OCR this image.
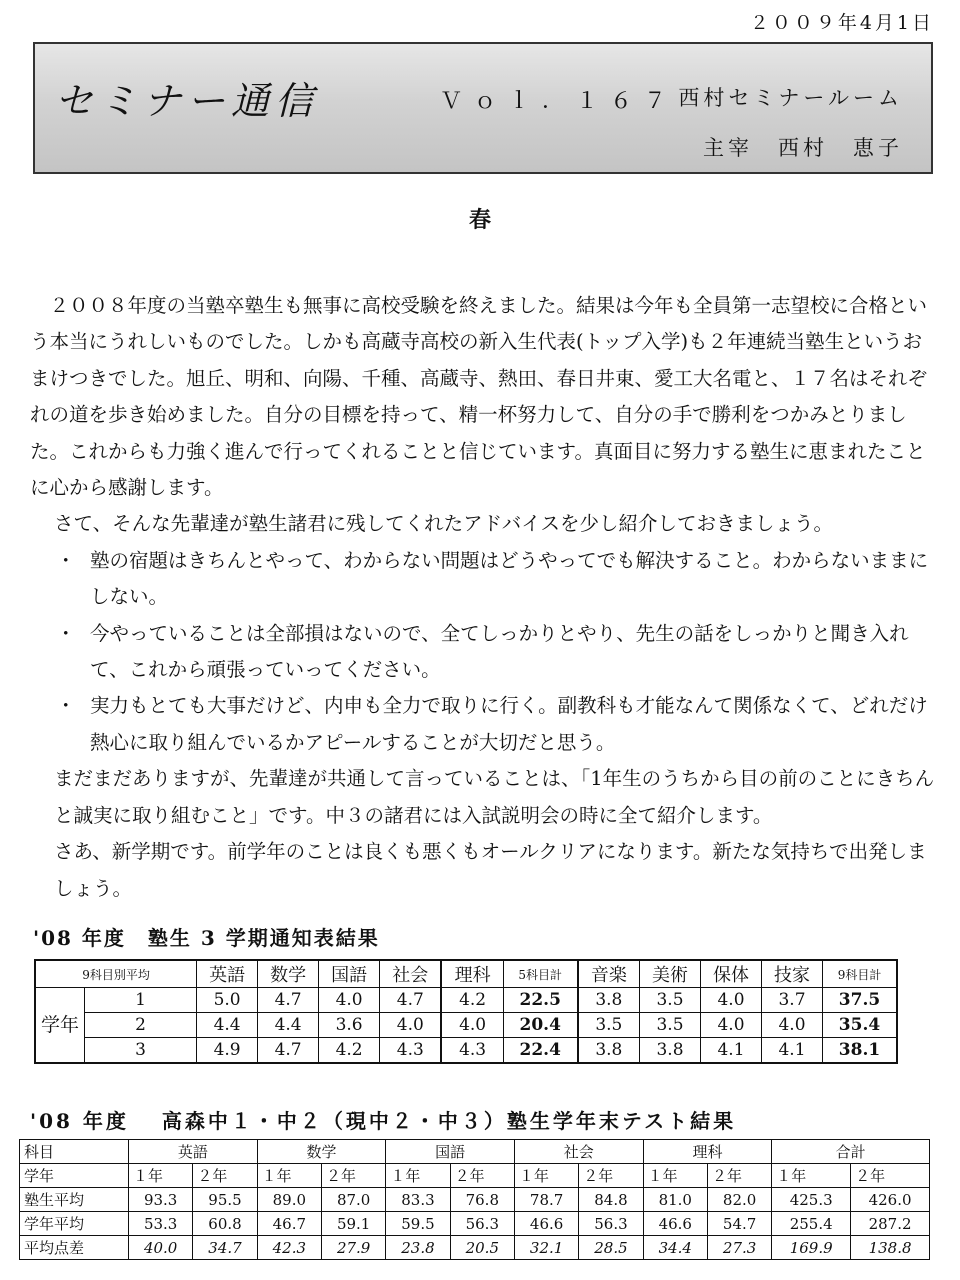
２００９年4月1日
セミナー通信	Ｖｏｌ．１６７ 西村セミナールーム
主宰　西村　恵子
春

２００８年度の当塾卒塾生も無事に高校受験を終えました。結果は今年も全員第一志望校に合格という本当にうれしいものでした。しかも高蔵寺高校の新入生代表(トップ入学)も２年連続当塾生というおまけつきでした。旭丘、明和、向陽、千種、高蔵寺、熱田、春日井東、愛工大名電と、１７名はそれぞれの道を歩き始めました。自分の目標を持って、精一杯努力して、自分の手で勝利をつかみとりました。これからも力強く進んで行ってくれることと信じています。真面目に努力する塾生に恵まれたことに心から感謝します。

さて、そんな先輩達が塾生諸君に残してくれたアドバイスを少し紹介しておきましょう。

・ 塾の宿題はきちんとやって、わからない問題はどうやってでも解決すること。わからないままにしない。
・ 今やっていることは全部損はないので、全てしっかりとやり、先生の話をしっかりと聞き入れて、これから頑張っていってください。
・ 実力もとても大事だけど、内申も全力で取りに行く。副教科も才能なんて関係なくて、どれだけ熱心に取り組んでいるかアピールすることが大切だと思う。

まだまだありますが、先輩達が共通して言っていることは、「1年生のうちから目の前のことにきちんと誠実に取り組むこと」です。中３の諸君には入試説明会の時に全て紹介します。

さあ、新学期です。前学年のことは良くも悪くもオールクリアになります。新たな気持ちで出発しましょう。

'08 年度　塾生 3 学期通知表結果
9科目別平均		英語	数学	国語	社会	理科	5科目計	音楽	美術	保体	技家	9科目計
学年	1	5.0	4.7	4.0	4.7	4.2	22.5	3.8	3.5	4.0	3.7	37.5
	2	4.4	4.4	3.6	4.0	4.0	20.4	3.5	3.5	4.0	4.0	35.4
	3	4.9	4.7	4.2	4.3	4.3	22.4	3.8	3.8	4.1	4.1	38.1
'08 年度　 高森中１・中２（現中２・中３）塾生学年末テスト結果
科目	英語		数学		国語		社会		理科		合計	
学年	１年	２年	１年	２年	１年	２年	１年	２年	１年	２年	１年	２年
塾生平均	93.3	95.5	89.0	87.0	83.3	76.8	78.7	84.8	81.0	82.0	425.3	426.0
学年平均	53.3	60.8	46.7	59.1	59.5	56.3	46.6	56.3	46.6	54.7	255.4	287.2
平均点差	40.0	34.7	42.3	27.9	23.8	20.5	32.1	28.5	34.4	27.3	169.9	138.8
